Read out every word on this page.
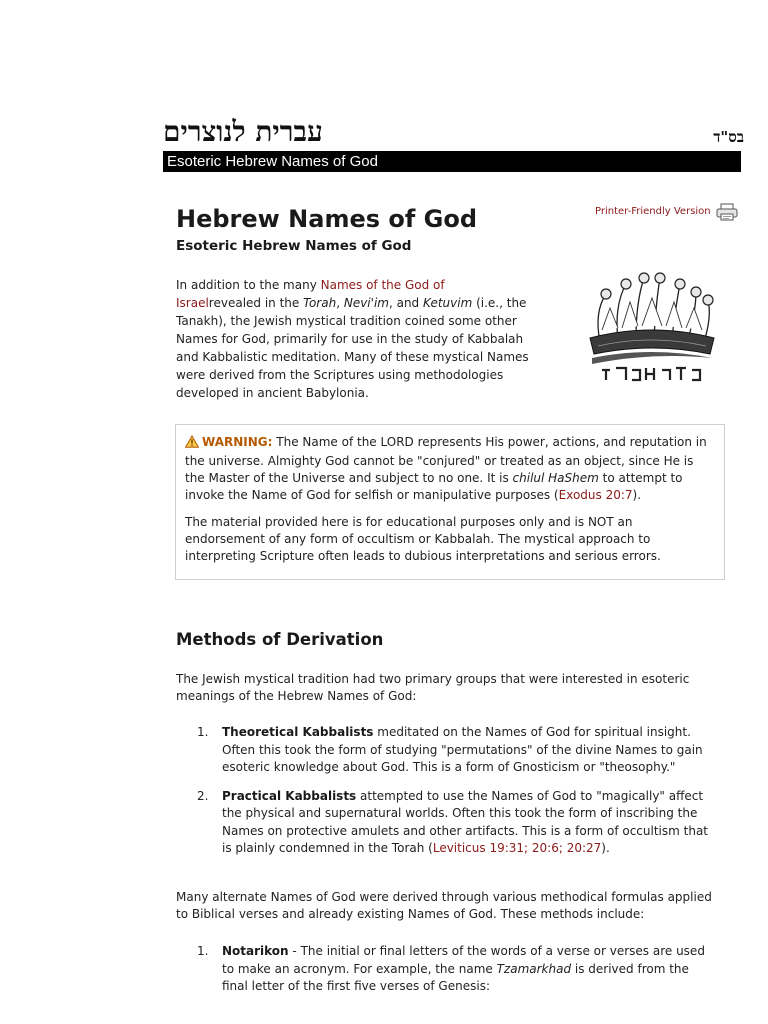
עברית לנוצרים	בס"ד
Esoteric Hebrew Names of God
Hebrew Names of God
Esoteric Hebrew Names of God
Printer-Friendly Version

In addition to the many Names of the God of Israelrevealed in the Torah, Nevi'im, and Ketuvim (i.e., the Tanakh), the Jewish mystical tradition coined some other Names for God, primarily for use in the study of Kabbalah and Kabbalistic meditation. Many of these mystical Names were derived from the Scriptures using methodologies developed in ancient Babylonia.

WARNING: The Name of the LORD represents His power, actions, and reputation in the universe. Almighty God cannot be "conjured" or treated as an object, since He is the Master of the Universe and subject to no one. It is chilul HaShem to attempt to invoke the Name of God for selfish or manipulative purposes (Exodus 20:7).

The material provided here is for educational purposes only and is NOT an endorsement of any form of occultism or Kabbalah. The mystical approach to interpreting Scripture often leads to dubious interpretations and serious errors.

Methods of Derivation

The Jewish mystical tradition had two primary groups that were interested in esoteric meanings of the Hebrew Names of God:

1. Theoretical Kabbalists meditated on the Names of God for spiritual insight. Often this took the form of studying "permutations" of the divine Names to gain esoteric knowledge about God. This is a form of Gnosticism or "theosophy."
2. Practical Kabbalists attempted to use the Names of God to "magically" affect the physical and supernatural worlds. Often this took the form of inscribing the Names on protective amulets and other artifacts. This is a form of occultism that is plainly condemned in the Torah (Leviticus 19:31; 20:6; 20:27).

Many alternate Names of God were derived through various methodical formulas applied to Biblical verses and already existing Names of God. These methods include:

1. Notarikon - The initial or final letters of the words of a verse or verses are used to make an acronym. For example, the name Tzamarkhad is derived from the final letter of the first five verses of Genesis:
